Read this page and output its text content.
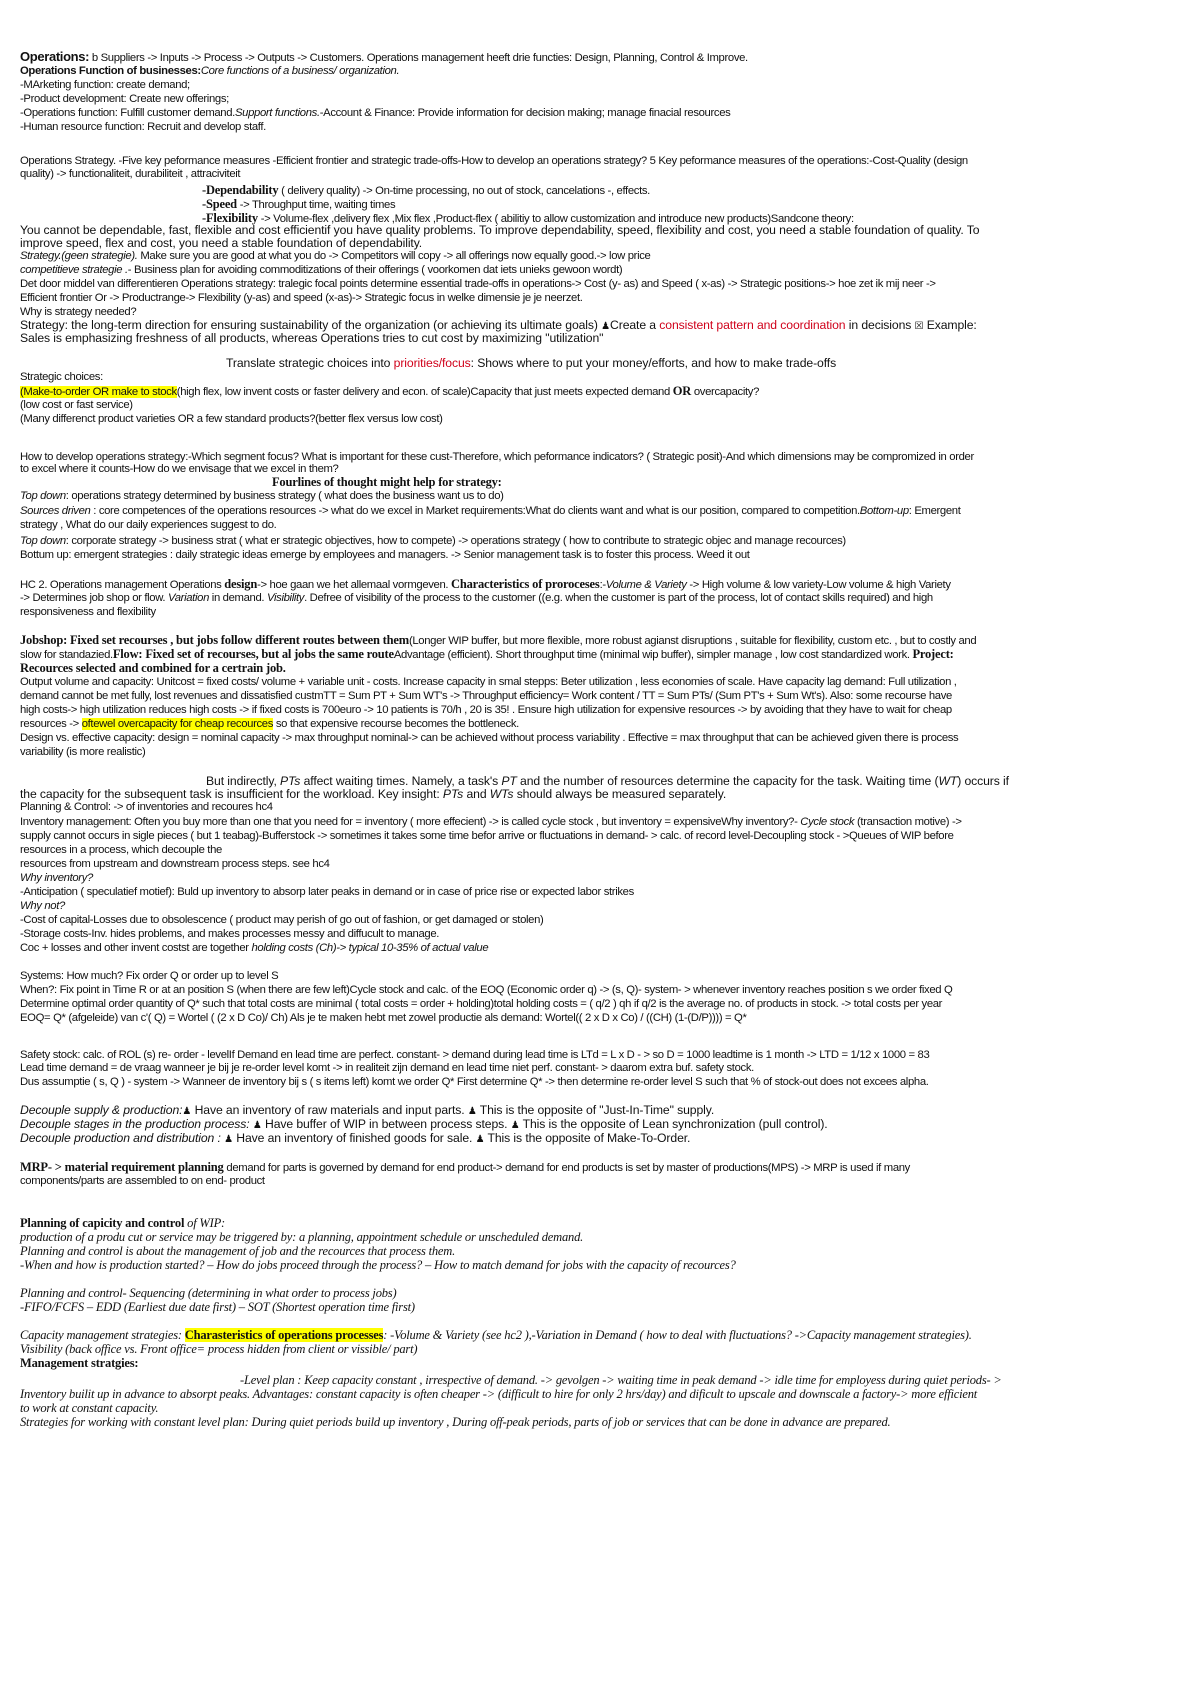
Operations: b Suppliers -> Inputs -> Process -> Outputs -> Customers. Operations management heeft drie functies: Design, Planning, Control & Improve.
Operations Function of businesses:Core functions of a business/ organization.
-MArketing function: create demand;
-Product development: Create new offerings;
-Operations function: Fulfill customer demand.Support functions.-Account & Finance: Provide information for decision making; manage finacial resources
-Human resource function: Recruit and develop staff.
Operations Strategy. -Five key peformance measures -Efficient frontier and strategic trade-offs-How to develop an operations strategy? 5 Key peformance measures of the operations:-Cost-Quality (design
quality) -> functionaliteit, durabiliteit , attraciviteit
-Dependability ( delivery quality) -> On-time processing, no out of stock, cancelations -, effects.
-Speed -> Throughput time, waiting times
-Flexibility -> Volume-flex ,delivery flex ,Mix flex ,Product-flex ( abilitiy to allow customization and introduce new products)Sandcone theory:
You cannot be dependable, fast, flexible and cost efficientif you have quality problems. To improve dependability, speed, flexibility and cost, you need a stable foundation of quality. To
improve speed, flex and cost, you need a stable foundation of dependability.
Strategy.(geen strategie). Make sure you are good at what you do -> Competitors will copy -> all offerings now equally good.-> low price
competitieve strategie .- Business plan for avoiding commoditizations of their offerings ( voorkomen dat iets unieks gewoon wordt)
Det door middel van differentieren Operations strategy: tralegic focal points determine essential trade-offs in operations-> Cost (y- as) and Speed ( x-as) -> Strategic positions-> hoe zet ik mij neer ->
Efficient frontier Or -> Productrange-> Flexibility (y-as) and speed (x-as)-> Strategic focus in welke dimensie je je neerzet.
Why is strategy needed?
Strategy: the long-term direction for ensuring sustainability of the organization (or achieving its ultimate goals) ♟Create a consistent pattern and coordination in decisions ☒ Example:
Sales is emphasizing freshness of all products, whereas Operations tries to cut cost by maximizing "utilization"
Translate strategic choices into priorities/focus: Shows where to put your money/efforts, and how to make trade-offs
Strategic choices:
(Make-to-order OR make to stock(high flex, low invent costs or faster delivery and econ. of scale)Capacity that just meets expected demand OR overcapacity?
(low cost or fast service)
(Many differenct product varieties OR a few standard products?(better flex versus low cost)
How to develop operations strategy:-Which segment focus? What is important for these cust-Therefore, which peformance indicators? ( Strategic posit)-And which dimensions may be compromized in order
to excel where it counts-How do we envisage that we excel in them?
Fourlines of thought might help for strategy:
Top down: operations strategy determined by business strategy ( what does the business want us to do)
Sources driven : core competences of the operations resources -> what do we excel in Market requirements:What do clients want and what is our position, compared to competition.Bottom-up: Emergent
strategy , What do our daily experiences suggest to do.
Top down: corporate strategy -> business strat ( what er strategic objectives, how to compete) -> operations strategy ( how to contribute to strategic objec and manage recources)
Bottum up: emergent strategies : daily strategic ideas emerge by employees and managers. -> Senior management task is to foster this process. Weed it out
HC 2. Operations management Operations design-> hoe gaan we het allemaal vormgeven. Characteristics of proroceses:-Volume & Variety -> High volume & low variety-Low volume & high Variety
-> Determines job shop or flow. Variation in demand. Visibility. Defree of visibility of the process to the customer ((e.g. when the customer is part of the process, lot of contact skills required) and high
responsiveness and flexibility
Jobshop: Fixed set recourses , but jobs follow different routes between them(Longer WIP buffer, but more flexible, more robust agianst disruptions , suitable for flexibility, custom etc. , but to costly and
slow for standazied.Flow: Fixed set of recourses, but al jobs the same routeAdvantage (efficient). Short throughput time (minimal wip buffer), simpler manage , low cost standardized work. Project:
Recources selected and combined for a certrain job.
Output volume and capacity: Unitcost = fixed costs/ volume + variable unit - costs. Increase capacity in smal stepps: Beter utilization , less economies of scale. Have capacity lag demand: Full utilization ,
demand cannot be met fully, lost revenues and dissatisfied custmTT = Sum PT + Sum WT's -> Throughput efficiency= Work content / TT = Sum PTs/ (Sum PT's + Sum Wt's). Also: some recourse have
high costs-> high utilization reduces high costs -> if fixed costs is 700euro -> 10 patients is 70/h , 20 is 35! . Ensure high utilization for expensive resources -> by avoiding that they have to wait for cheap
resources -> oftewel overcapacity for cheap recources so that expensive recourse becomes the bottleneck.
Design vs. effective capacity: design = nominal capacity -> max throughput nominal-> can be achieved without process variability . Effective = max throughput that can be achieved given there is process
variability (is more realistic)
But indirectly, PTs affect waiting times. Namely, a task's PT and the number of resources determine the capacity for the task. Waiting time (WT) occurs if
the capacity for the subsequent task is insufficient for the workload. Key insight: PTs and WTs should always be measured separately.
Planning & Control: -> of inventories and recoures hc4
Inventory management: Often you buy more than one that you need for = inventory ( more effecient) -> is called cycle stock , but inventory = expensiveWhy inventory?- Cycle stock (transaction motive) ->
supply cannot occurs in sigle pieces ( but 1 teabag)-Bufferstock -> sometimes it takes some time befor arrive or fluctuations in demand- > calc. of record level-Decoupling stock - >Queues of WIP before
resources in a process, which decouple the
resources from upstream and downstream process steps. see hc4
Why inventory?
-Anticipation ( speculatief motief): Buld up inventory to absorp later peaks in demand or in case of price rise or expected labor strikes
Why not?
-Cost of capital-Losses due to obsolescence ( product may perish of go out of fashion, or get damaged or stolen)
-Storage costs-Inv. hides problems, and makes processes messy and diffucult to manage.
Coc + losses and other invent costst are together holding costs (Ch)-> typical 10-35% of actual value
Systems: How much? Fix order Q or order up to level S
When?: Fix point in Time R or at an position S (when there are few left)Cycle stock and calc. of the EOQ (Economic order q) -> (s, Q)- system- > whenever inventory reaches position s we order fixed Q
Determine optimal order quantity of Q* such that total costs are minimal ( total costs = order + holding)total holding costs = ( q/2 ) qh if q/2 is the average no. of products in stock. -> total costs per year
EOQ= Q* (afgeleide) van c'( Q) = Wortel ( (2 x D Co)/ Ch) Als je te maken hebt met zowel productie als demand: Wortel(( 2 x D x Co) / ((CH) (1-(D/P)))) = Q*
Safety stock: calc. of ROL (s) re- order - levelIf Demand en lead time are perfect. constant- > demand during lead time is LTd = L x D - > so D = 1000 leadtime is 1 month -> LTD = 1/12 x 1000 = 83
Lead time demand = de vraag wanneer je bij je re-order level komt -> in realiteit zijn demand en lead time niet perf. constant- > daarom extra buf. safety stock.
Dus assumptie ( s, Q ) - system -> Wanneer de inventory bij s ( s items left) komt we order Q* First determine Q* -> then determine re-order level S such that % of stock-out does not excees alpha.
Decouple supply & production:♟ Have an inventory of raw materials and input parts. ♟ This is the opposite of "Just-In-Time" supply.
Decouple stages in the production process: ♟ Have buffer of WIP in between process steps. ♟ This is the opposite of Lean synchronization (pull control).
Decouple production and distribution : ♟ Have an inventory of finished goods for sale. ♟ This is the opposite of Make-To-Order.
MRP- > material requirement planning demand for parts is governed by demand for end product-> demand for end products is set by master of productions(MPS) -> MRP is used if many
components/parts are assembled to on end- product
Planning of capicity and control of WIP:
production of a produ cut or service may be triggered by: a planning, appointment schedule or unscheduled demand.
Planning and control is about the management of job and the recources that process them.
-When and how is production started? – How do jobs proceed through the process? – How to match demand for jobs with the capacity of recources?
Planning and control- Sequencing (determining in what order to process jobs)
-FIFO/FCFS – EDD (Earliest due date first) – SOT (Shortest operation time first)
Capacity management strategies: Charasteristics of operations processes: -Volume & Variety (see hc2 ),-Variation in Demand ( how to deal with fluctuations? ->Capacity management strategies).
Visibility (back office vs. Front office= process hidden from client or vissible/ part)
Management stratgies:
-Level plan : Keep capacity constant , irrespective of demand. -> gevolgen -> waiting time in peak demand -> idle time for employess during quiet periods- >
Inventory builit up in advance to absorpt peaks. Advantages: constant capacity is often cheaper -> (difficult to hire for only 2 hrs/day) and dificult to upscale and downscale a factory-> more efficient
to work at constant capacity.
Strategies for working with constant level plan: During quiet periods build up inventory , During off-peak periods, parts of job or services that can be done in advance are prepared.
